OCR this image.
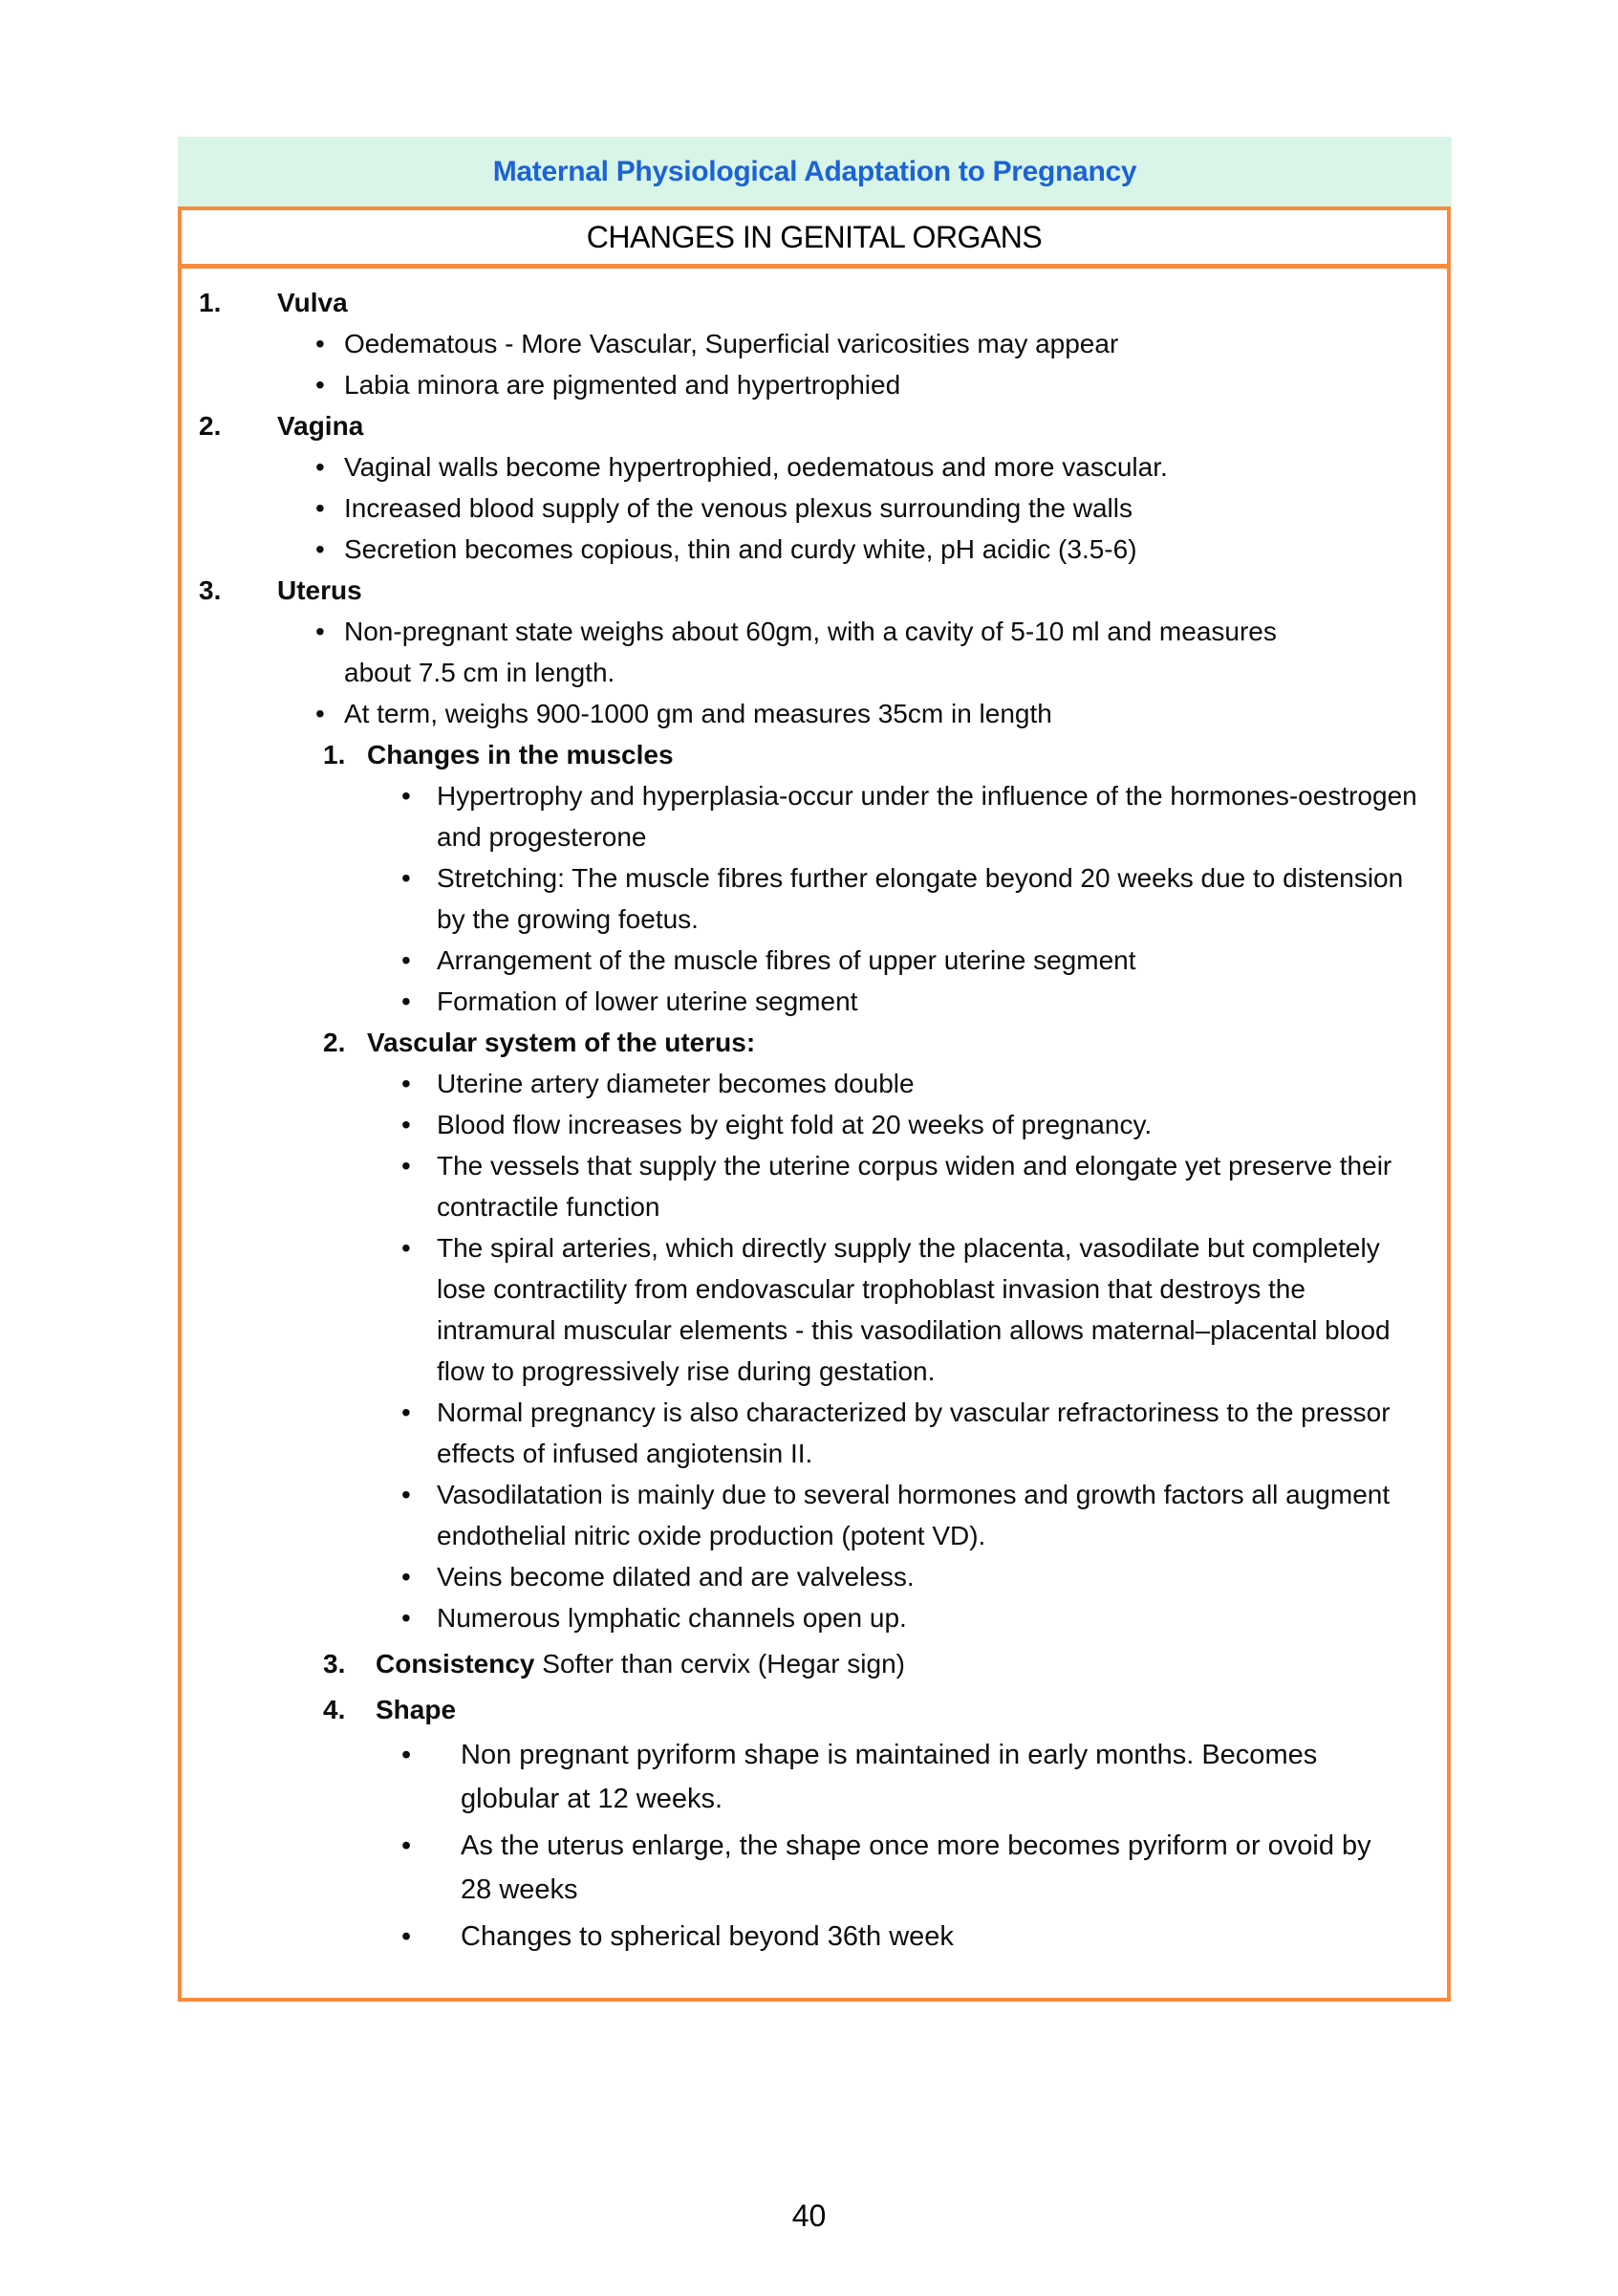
Maternal Physiological Adaptation to Pregnancy
CHANGES IN GENITAL ORGANS
1.	Vulva
• Oedematous - More Vascular, Superficial varicosities may appear
• Labia minora are pigmented and hypertrophied
2.	Vagina
• Vaginal walls become hypertrophied, oedematous and more vascular.
• Increased blood supply of the venous plexus surrounding the walls
• Secretion becomes copious, thin and curdy white, pH acidic (3.5-6)
3.	Uterus
• Non-pregnant state weighs about 60gm, with a cavity of 5-10 ml and measures about 7.5 cm in length.
• At term, weighs 900-1000 gm and measures 35cm in length
1. Changes in the muscles
• Hypertrophy and hyperplasia-occur under the influence of the hormones-oestrogen and progesterone
• Stretching: The muscle fibres further elongate beyond 20 weeks due to distension by the growing foetus.
• Arrangement of the muscle fibres of upper uterine segment
• Formation of lower uterine segment
2. Vascular system of the uterus:
• Uterine artery diameter becomes double
• Blood flow increases by eight fold at 20 weeks of pregnancy.
• The vessels that supply the uterine corpus widen and elongate yet preserve their contractile function
• The spiral arteries, which directly supply the placenta, vasodilate but completely lose contractility from endovascular trophoblast invasion that destroys the intramural muscular elements - this vasodilation allows maternal–placental blood flow to progressively rise during gestation.
• Normal pregnancy is also characterized by vascular refractoriness to the pressor effects of infused angiotensin II.
• Vasodilatation is mainly due to several hormones and growth factors all augment endothelial nitric oxide production (potent VD).
• Veins become dilated and are valveless.
• Numerous lymphatic channels open up.
3.	Consistency Softer than cervix (Hegar sign)
4.	Shape
•	Non pregnant pyriform shape is maintained in early months. Becomes globular at 12 weeks.
•	As the uterus enlarge, the shape once more becomes pyriform or ovoid by 28 weeks
•	Changes to spherical beyond 36th week
40
